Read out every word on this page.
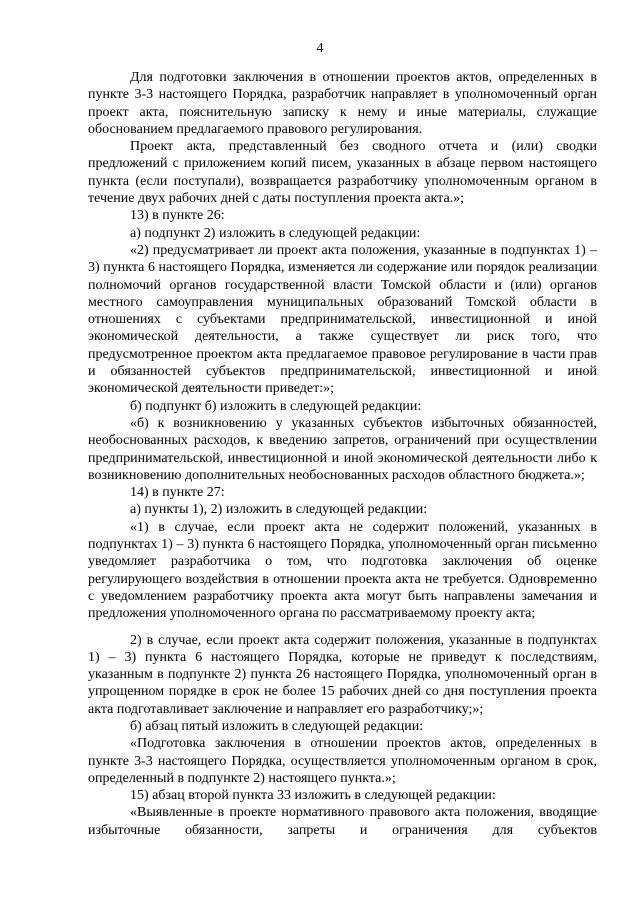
4

Для подготовки заключения в отношении проектов актов, определенных в пункте 3-3 настоящего Порядка, разработчик направляет в уполномоченный орган проект акта, пояснительную записку к нему и иные материалы, служащие обоснованием предлагаемого правового регулирования.

Проект акта, представленный без сводного отчета и (или) сводки предложений с приложением копий писем, указанных в абзаце первом настоящего пункта (если поступали), возвращается разработчику уполномоченным органом в течение двух рабочих дней с даты поступления проекта акта.»;

13) в пункте 26:

а) подпункт 2) изложить в следующей редакции:

«2) предусматривает ли проект акта положения, указанные в подпунктах 1) – 3) пункта 6 настоящего Порядка, изменяется ли содержание или порядок реализации полномочий органов государственной власти Томской области и (или) органов местного самоуправления муниципальных образований Томской области в отношениях с субъектами предпринимательской, инвестиционной и иной экономической деятельности, а также существует ли риск того, что предусмотренное проектом акта предлагаемое правовое регулирование в части прав и обязанностей субъектов предпринимательской, инвестиционной и иной экономической деятельности приведет:»;

б) подпункт б) изложить в следующей редакции:

«б) к возникновению у указанных субъектов избыточных обязанностей, необоснованных расходов, к введению запретов, ограничений при осуществлении предпринимательской, инвестиционной и иной экономической деятельности либо к возникновению дополнительных необоснованных расходов областного бюджета.»;

14) в пункте 27:

а) пункты 1), 2) изложить в следующей редакции:

«1) в случае, если проект акта не содержит положений, указанных в подпунктах 1) – 3) пункта 6 настоящего Порядка, уполномоченный орган письменно уведомляет разработчика о том, что подготовка заключения об оценке регулирующего воздействия в отношении проекта акта не требуется. Одновременно с уведомлением разработчику проекта акта могут быть направлены замечания и предложения уполномоченного органа по рассматриваемому проекту акта;

2) в случае, если проект акта содержит положения, указанные в подпунктах 1) – 3) пункта 6 настоящего Порядка, которые не приведут к последствиям, указанным в подпункте 2) пункта 26 настоящего Порядка, уполномоченный орган в упрощенном порядке в срок не более 15 рабочих дней со дня поступления проекта акта подготавливает заключение и направляет его разработчику;»;

б) абзац пятый изложить в следующей редакции:

«Подготовка заключения в отношении проектов актов, определенных в пункте 3-3 настоящего Порядка, осуществляется уполномоченным органом в срок, определенный в подпункте 2) настоящего пункта.»;

15) абзац второй пункта 33 изложить в следующей редакции:

«Выявленные в проекте нормативного правового акта положения, вводящие избыточные обязанности, запреты и ограничения для субъектов
